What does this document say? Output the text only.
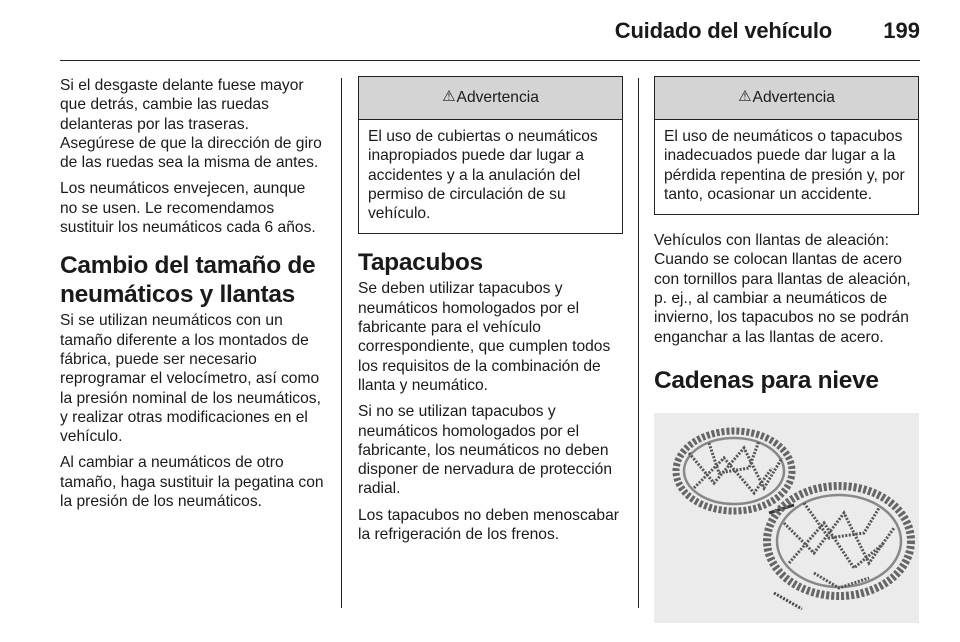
Cuidado del vehículo 199

Si el desgaste delante fuese mayor que detrás, cambie las ruedas delanteras por las traseras. Asegúrese de que la dirección de giro de las ruedas sea la misma de antes.

Los neumáticos envejecen, aunque no se usen. Le recomendamos sustituir los neumáticos cada 6 años.

Cambio del tamaño de neumáticos y llantas

Si se utilizan neumáticos con un tamaño diferente a los montados de fábrica, puede ser necesario reprogramar el velocímetro, así como la presión nominal de los neumáticos, y realizar otras modificaciones en el vehículo.

Al cambiar a neumáticos de otro tamaño, haga sustituir la pegatina con la presión de los neumáticos.

⚠ Advertencia
El uso de cubiertas o neumáticos inapropiados puede dar lugar a accidentes y a la anulación del permiso de circulación de su vehículo.
Tapacubos

Se deben utilizar tapacubos y neumáticos homologados por el fabricante para el vehículo correspondiente, que cumplen todos los requisitos de la combinación de llanta y neumático.

Si no se utilizan tapacubos y neumáticos homologados por el fabricante, los neumáticos no deben disponer de nervadura de protección radial.

Los tapacubos no deben menoscabar la refrigeración de los frenos.

⚠ Advertencia
El uso de neumáticos o tapacubos inadecuados puede dar lugar a la pérdida repentina de presión y, por tanto, ocasionar un accidente.

Vehículos con llantas de aleación: Cuando se colocan llantas de acero con tornillos para llantas de aleación, p. ej., al cambiar a neumáticos de invierno, los tapacubos no se podrán enganchar a las llantas de acero.

Cadenas para nieve
